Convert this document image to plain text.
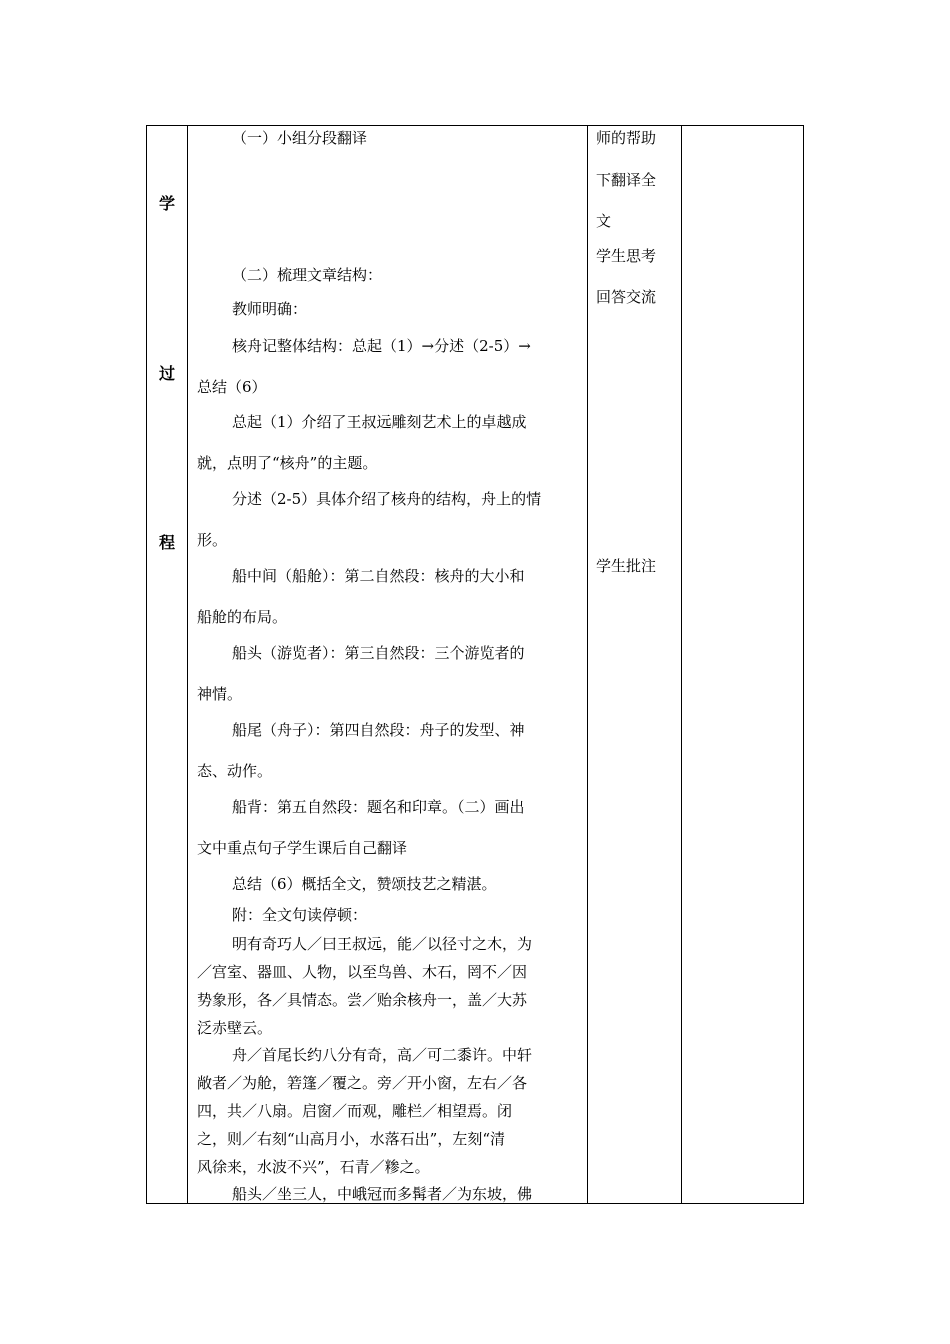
学
过
程
（一）小组分段翻译
（二）梳理文章结构：
教师明确：
核舟记整体结构：总起（1）→分述（2-5）→
总结（6）
总起（1）介绍了王叔远雕刻艺术上的卓越成
就，点明了“核舟”的主题。
分述（2-5）具体介绍了核舟的结构，舟上的情
形。
船中间（船舱）：第二自然段：核舟的大小和
船舱的布局。
船头（游览者）：第三自然段：三个游览者的
神情。
船尾（舟子）：第四自然段：舟子的发型、神
态、动作。
船背：第五自然段：题名和印章。（二）画出
文中重点句子学生课后自己翻译
总结（6）概括全文，赞颂技艺之精湛。
附：全文句读停顿：
明有奇巧人／曰王叔远，能／以径寸之木，为
／宫室、器皿、人物，以至鸟兽、木石，罔不／因
势象形，各／具情态。尝／贻余核舟一，盖／大苏
泛赤壁云。
舟／首尾长约八分有奇，高／可二黍许。中轩
敞者／为舱，箬篷／覆之。旁／开小窗，左右／各
四，共／八扇。启窗／而观，雕栏／相望焉。闭
之，则／右刻“山高月小，水落石出”，左刻“清
风徐来，水波不兴”，石青／糁之。
船头／坐三人，中峨冠而多髯者／为东坡，佛
师的帮助
下翻译全
文
学生思考
回答交流
学生批注
